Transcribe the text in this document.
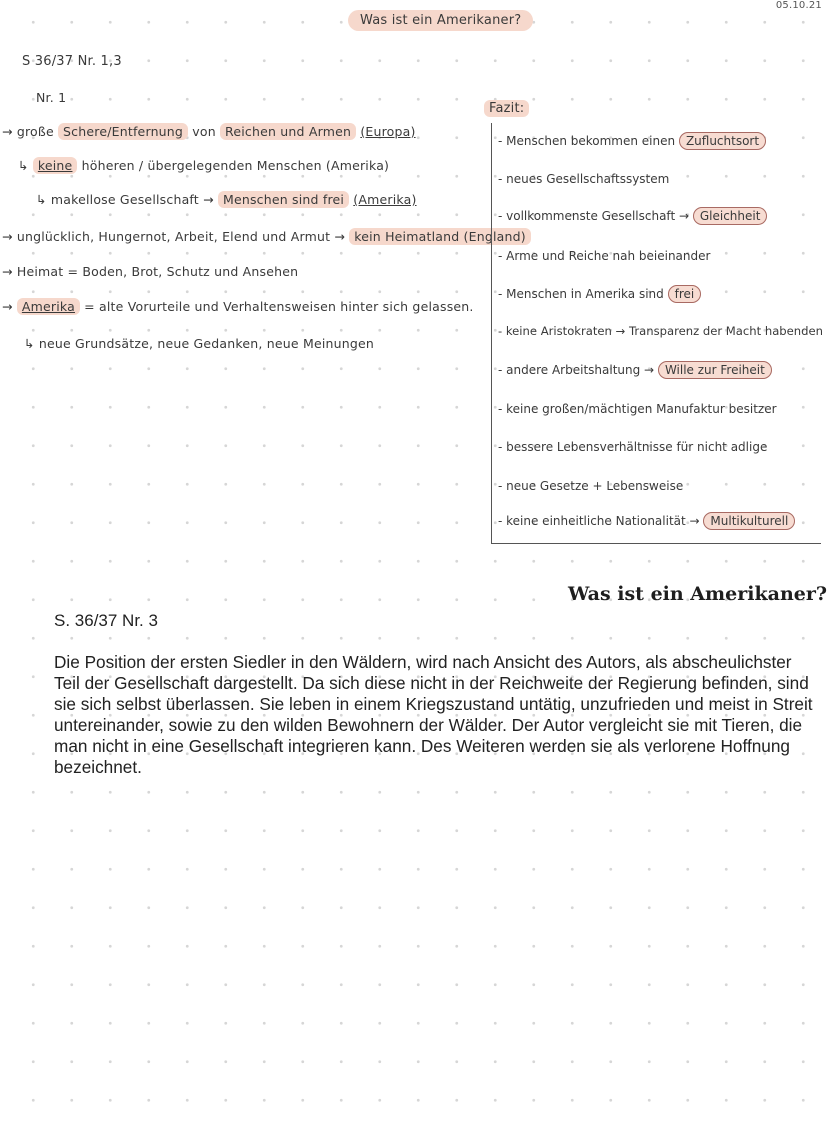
05.10.21
Was ist ein Amerikaner?
S 36/37 Nr. 1,3
Nr. 1
→ große Schere/Entfernung von Reichen und Armen (Europa)
↳ keine höheren / übergelegenden Menschen (Amerika)
↳ makellose Gesellschaft → Menschen sind frei (Amerika)
→ unglücklich, Hungernot, Arbeit, Elend und Armut → kein Heimatland (England)
→ Heimat = Boden, Brot, Schutz und Ansehen
→ Amerika = alte Vorurteile und Verhaltensweisen hinter sich gelassen.
↳ neue Grundsätze, neue Gedanken, neue Meinungen
Fazit:
- Menschen bekommen einen Zufluchtsort
- neues Gesellschaftssystem
- vollkommenste Gesellschaft → Gleichheit
- Arme und Reiche nah beieinander
- Menschen in Amerika sind frei
- keine Aristokraten → Transparenz der Macht habenden
- andere Arbeitshaltung → Wille zur Freiheit
- keine großen/mächtigen Manufaktur besitzer
- bessere Lebensverhältnisse für nicht adlige
- neue Gesetze + Lebensweise
- keine einheitliche Nationalität → Multikulturell
Was ist ein Amerikaner?
S. 36/37 Nr. 3
Die Position der ersten Siedler in den Wäldern, wird nach Ansicht des Autors, als abscheulichster Teil der Gesellschaft dargestellt. Da sich diese nicht in der Reichweite der Regierung befinden, sind sie sich selbst überlassen. Sie leben in einem Kriegszustand untätig, unzufrieden und meist in Streit untereinander, sowie zu den wilden Bewohnern der Wälder. Der Autor vergleicht sie mit Tieren, die man nicht in eine Gesellschaft integrieren kann. Des Weiteren werden sie als verlorene Hoffnung bezeichnet.
